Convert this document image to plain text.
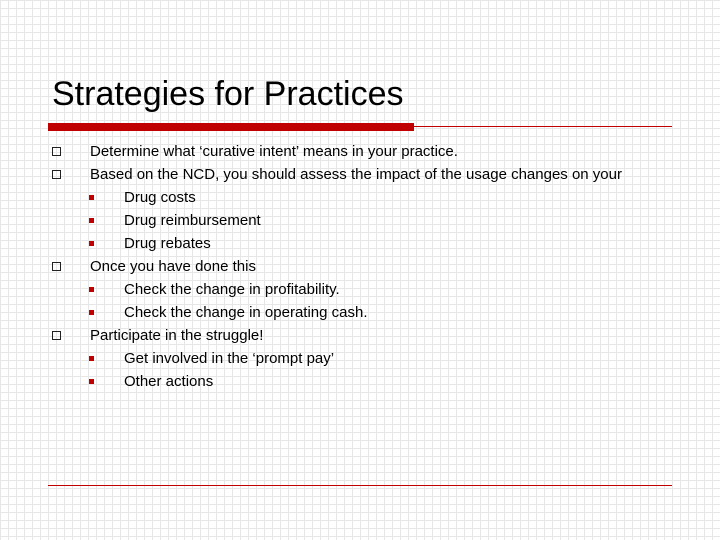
Strategies for Practices
Determine what ‘curative intent’ means in your practice.
Based on the NCD, you should assess the impact of the usage changes on your
Drug costs
Drug reimbursement
Drug rebates
Once you have done this
Check the change in profitability.
Check the change in operating cash.
Participate in the struggle!
Get involved in the ‘prompt pay’
Other actions
